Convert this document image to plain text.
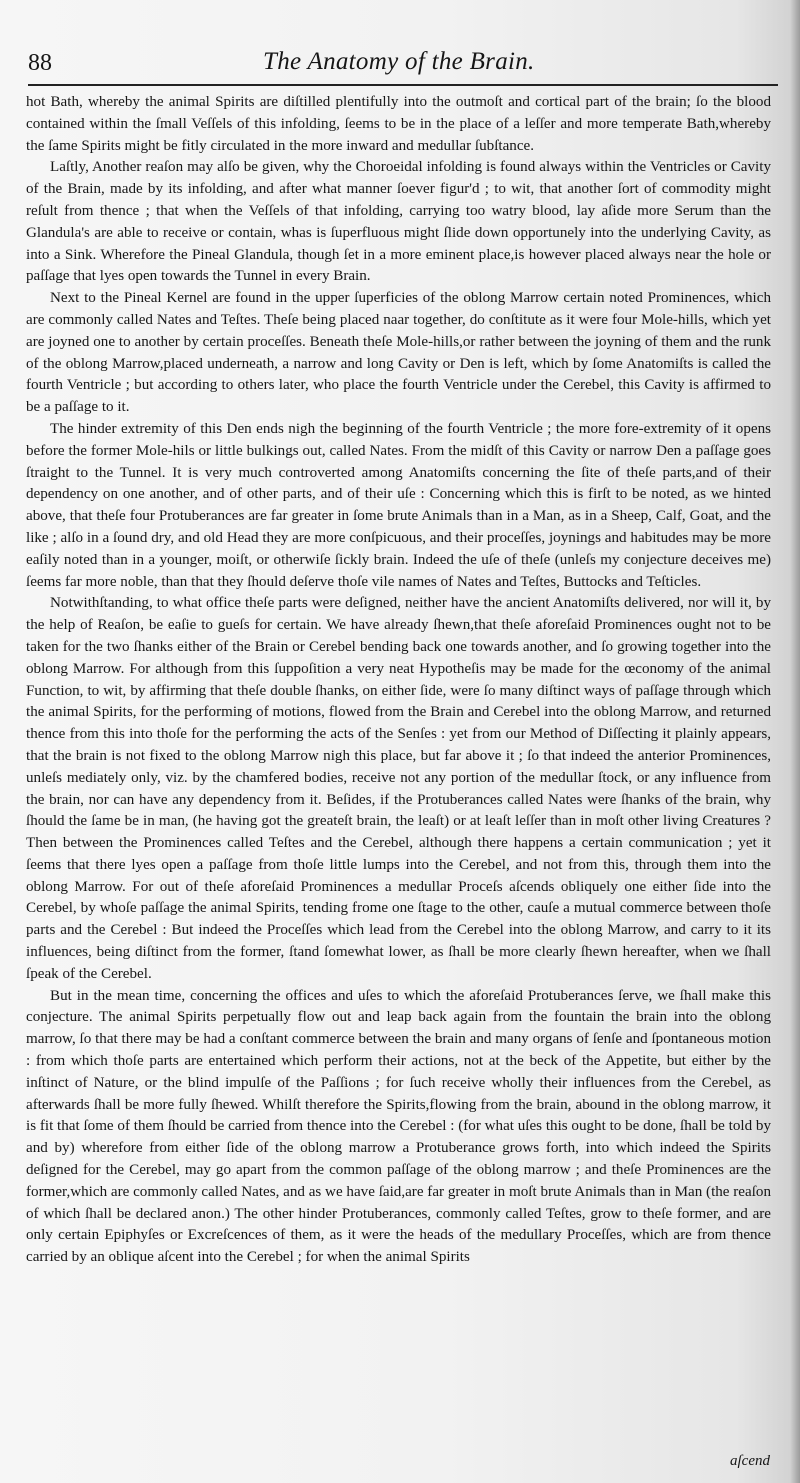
88	The Anatomy of the Brain.

hot Bath, whereby the animal Spirits are diſtilled plentifully into the outmoſt and cortical part of the brain; ſo the blood contained within the ſmall Veſſels of this infolding, ſeems to be in the place of a leſſer and more temperate Bath,whereby the ſame Spirits might be fitly circulated in the more inward and medullar ſubſtance.

Laſtly, Another reaſon may alſo be given, why the Choroeidal infolding is found always within the Ventricles or Cavity of the Brain, made by its infolding, and after what manner ſoever figur'd ; to wit, that another ſort of commodity might reſult from thence ; that when the Veſſels of that infolding, carrying too watry blood, lay aſide more Serum than the Glandula's are able to receive or contain, whas is ſuperfluous might ſlide down opportunely into the underlying Cavity, as into a Sink. Wherefore the Pineal Glandula, though ſet in a more eminent place,is however placed always near the hole or paſſage that lyes open towards the Tunnel in every Brain.

Next to the Pineal Kernel are found in the upper ſuperficies of the oblong Marrow certain noted Prominences, which are commonly called Nates and Teſtes. Theſe being placed naar together, do conſtitute as it were four Mole-hills, which yet are joyned one to another by certain proceſſes. Beneath theſe Mole-hills,or rather between the joyning of them and the runk of the oblong Marrow,placed underneath, a narrow and long Cavity or Den is left, which by ſome Anatomiſts is called the fourth Ventricle ; but according to others later, who place the fourth Ventricle under the Cerebel, this Cavity is affirmed to be a paſſage to it.

The hinder extremity of this Den ends nigh the beginning of the fourth Ventricle ; the more fore-extremity of it opens before the former Mole-hils or little bulkings out, called Nates. From the midſt of this Cavity or narrow Den a paſſage goes ſtraight to the Tunnel. It is very much controverted among Anatomiſts concerning the ſite of theſe parts,and of their dependency on one another, and of other parts, and of their uſe : Concerning which this is firſt to be noted, as we hinted above, that theſe four Protuberances are far greater in ſome brute Animals than in a Man, as in a Sheep, Calf, Goat, and the like ; alſo in a ſound dry, and old Head they are more conſpicuous, and their proceſſes, joynings and habitudes may be more eaſily noted than in a younger, moiſt, or otherwiſe ſickly brain. Indeed the uſe of theſe (unleſs my conjecture deceives me) ſeems far more noble, than that they ſhould deſerve thoſe vile names of Nates and Teſtes, Buttocks and Teſticles.

Notwithſtanding, to what office theſe parts were deſigned, neither have the ancient Anatomiſts delivered, nor will it, by the help of Reaſon, be eaſie to gueſs for certain. We have already ſhewn,that theſe aforeſaid Prominences ought not to be taken for the two ſhanks either of the Brain or Cerebel bending back one towards another, and ſo growing together into the oblong Marrow. For although from this ſuppoſition a very neat Hypotheſis may be made for the œconomy of the animal Function, to wit, by affirming that theſe double ſhanks, on either ſide, were ſo many diſtinct ways of paſſage through which the animal Spirits, for the performing of motions, flowed from the Brain and Cerebel into the oblong Marrow, and returned thence from this into thoſe for the performing the acts of the Senſes : yet from our Method of Diſſecting it plainly appears, that the brain is not fixed to the oblong Marrow nigh this place, but far above it ; ſo that indeed the anterior Prominences, unleſs mediately only, viz. by the chamfered bodies, receive not any portion of the medullar ſtock, or any influence from the brain, nor can have any dependency from it. Beſides, if the Protuberances called Nates were ſhanks of the brain, why ſhould the ſame be in man, (he having got the greateſt brain, the leaſt) or at leaſt leſſer than in moſt other living Creatures ? Then between the Prominences called Teſtes and the Cerebel, although there happens a certain communication ; yet it ſeems that there lyes open a paſſage from thoſe little lumps into the Cerebel, and not from this, through them into the oblong Marrow. For out of theſe aforeſaid Prominences a medullar Proceſs aſcends obliquely one either ſide into the Cerebel, by whoſe paſſage the animal Spirits, tending frome one ſtage to the other, cauſe a mutual commerce between thoſe parts and the Cerebel : But indeed the Proceſſes which lead from the Cerebel into the oblong Marrow, and carry to it its influences, being diſtinct from the former, ſtand ſomewhat lower, as ſhall be more clearly ſhewn hereafter, when we ſhall ſpeak of the Cerebel.

But in the mean time, concerning the offices and uſes to which the aforeſaid Protuberances ſerve, we ſhall make this conjecture. The animal Spirits perpetually flow out and leap back again from the fountain the brain into the oblong marrow, ſo that there may be had a conſtant commerce between the brain and many organs of ſenſe and ſpontaneous motion : from which thoſe parts are entertained which perform their actions, not at the beck of the Appetite, but either by the inſtinct of Nature, or the blind impulſe of the Paſſions ; for ſuch receive wholly their influences from the Cerebel, as afterwards ſhall be more fully ſhewed. Whilſt therefore the Spirits,flowing from the brain, abound in the oblong marrow, it is fit that ſome of them ſhould be carried from thence into the Cerebel : (for what uſes this ought to be done, ſhall be told by and by) wherefore from either ſide of the oblong marrow a Protuberance grows forth, into which indeed the Spirits deſigned for the Cerebel, may go apart from the common paſſage of the oblong marrow ; and theſe Prominences are the former,which are commonly called Nates, and as we have ſaid,are far greater in moſt brute Animals than in Man (the reaſon of which ſhall be declared anon.) The other hinder Protuberances, commonly called Teſtes, grow to theſe former, and are only certain Epiphyſes or Excreſcences of them, as it were the heads of the medullary Proceſſes, which are from thence carried by an oblique aſcent into the Cerebel ; for when the animal Spirits

aſcend
